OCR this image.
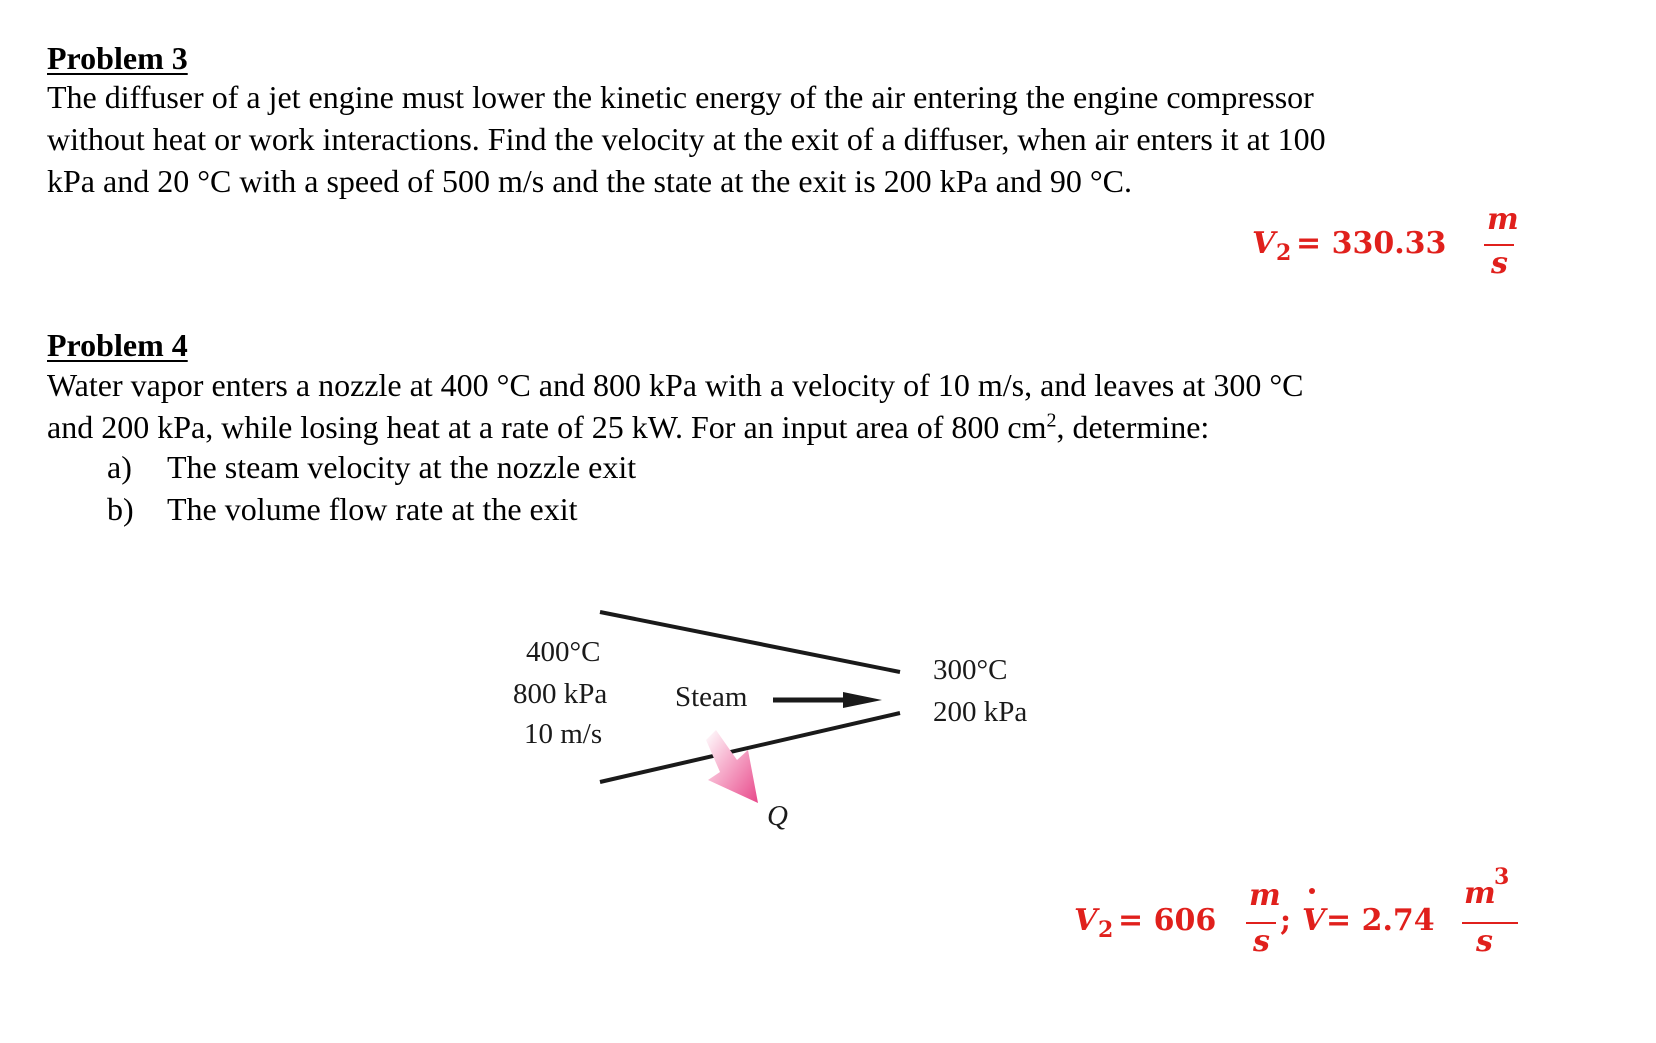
Problem 3
The diffuser of a jet engine must lower the kinetic energy of the air entering the engine compressor
without heat or work interactions. Find the velocity at the exit of a diffuser, when air enters it at 100
kPa and 20 °C with a speed of 500 m/s and the state at the exit is 200 kPa and 90 °C.
V 2 = 330.33
m
s
Problem 4
Water vapor enters a nozzle at 400 °C and 800 kPa with a velocity of 10 m/s, and leaves at 300 °C
and 200 kPa, while losing heat at a rate of 25 kW. For an input area of 800 $cm^2$, determine:
a) The steam velocity at the nozzle exit
b) The volume flow rate at the exit
400°C
800 kPa
10 m/s
Steam
300°C
200 kPa
Q
V 2 = 606
m
s
; V = 2.74
m
3
s
